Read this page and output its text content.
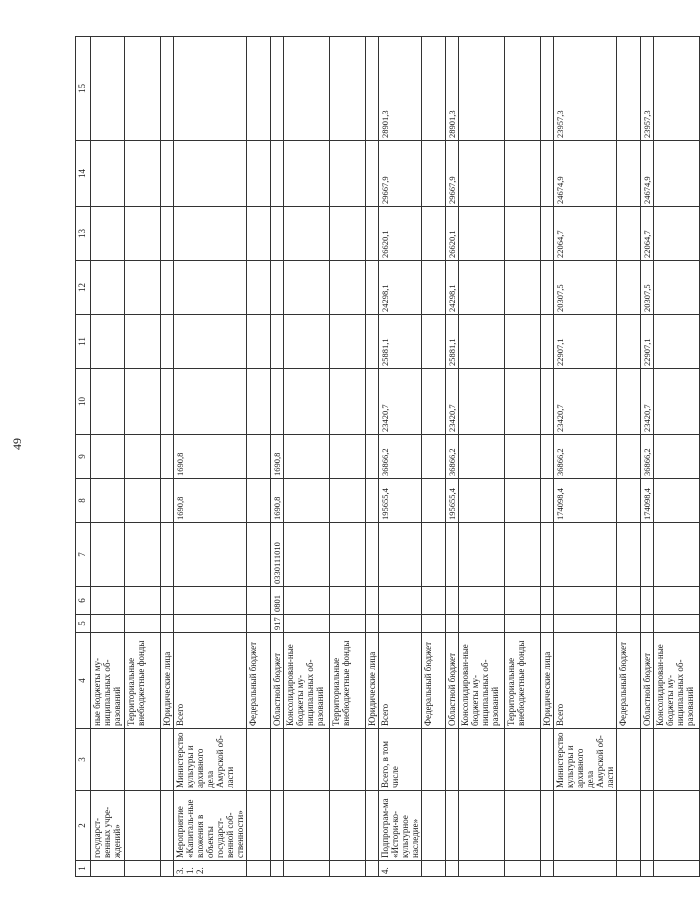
49
1	2	3	4	5	6	7	8	9	10	11	12	13	14	15
	государст-венных учре-ждений»		ные бюджеты му-ниципальных об-разований											
			Территориальные внебюджетные фонды											
			Юридические лица											
3.1.2.	Мероприятие «Капиталь-ные вложения в объекты государст-венной соб-ственности»	Министерство культуры и архивного дела Амурской об-ласти	Всего				1690,8	1690,8						
			Федеральный бюджет											
			Областной бюджет	917	0801	0330111010	1690,8	1690,8						
			Консолидирован-ные бюджеты му-ниципальных об-разований											
			Территориальные внебюджетные фонды											
			Юридические лица											
4.	Подпрограм-ма «Истори-ко-культурное наследие»	Всего, в том числе	Всего				195655,4	36866,2	23420,7	25881,1	24298,1	26620,1	29667,9	28901,3
			Федеральный бюджет											
			Областной бюджет				195655,4	36866,2	23420,7	25881,1	24298,1	26620,1	29667,9	28901,3
			Консолидирован-ные бюджеты му-ниципальных об-разований											
			Территориальные внебюджетные фонды											
			Юридические лица											
		Министерство культуры и архивного дела Амурской об-ласти	Всего				174098,4	36866,2	23420,7	22907,1	20307,5	22064,7	24674,9	23957,3
			Федеральный бюджет											
			Областной бюджет				174098,4	36866,2	23420,7	22907,1	20307,5	22064,7	24674,9	23957,3
			Консолидирован-ные бюджеты му-ниципальных об-разований											
